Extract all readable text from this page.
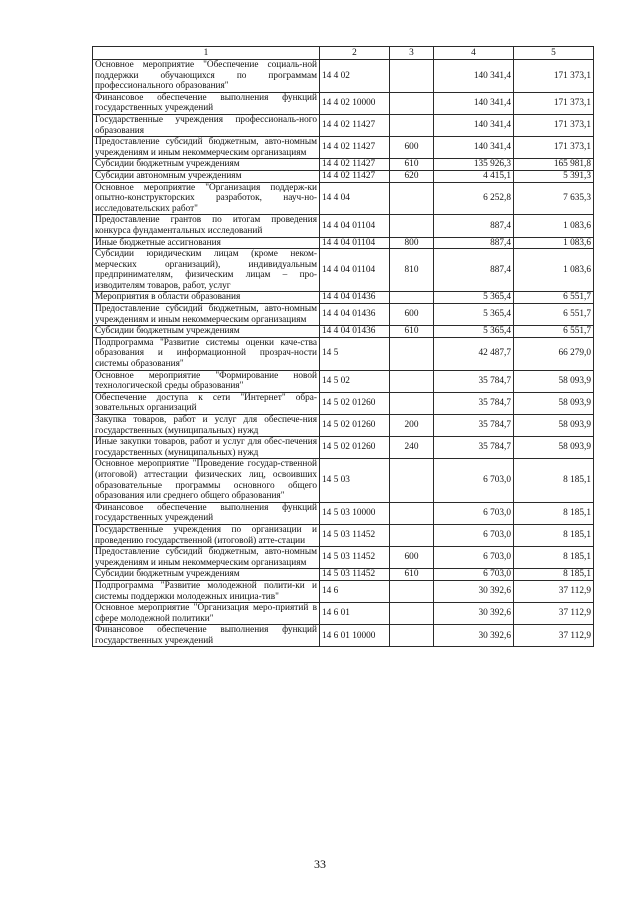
1	2	3	4	5
Основное мероприятие "Обеспечение социаль-ной поддержки обучающихся по программам профессионального образования"	14 4 02		140 341,4	171 373,1
Финансовое обеспечение выполнения функций государственных учреждений	14 4 02 10000		140 341,4	171 373,1
Государственные учреждения профессиональ-ного образования	14 4 02 11427		140 341,4	171 373,1
Предоставление субсидий бюджетным, авто-номным учреждениям и иным некоммерческим организациям	14 4 02 11427	600	140 341,4	171 373,1
Субсидии бюджетным учреждениям	14 4 02 11427	610	135 926,3	165 981,8
Субсидии автономным учреждениям	14 4 02 11427	620	4 415,1	5 391,3
Основное мероприятие "Организация поддерж-ки опытно-конструкторских разработок, науч-но-исследовательских работ"	14 4 04		6 252,8	7 635,3
Предоставление грантов по итогам проведения конкурса фундаментальных исследований	14 4 04 01104		887,4	1 083,6
Иные бюджетные ассигнования	14 4 04 01104	800	887,4	1 083,6
Субсидии юридическим лицам (кроме неком-мерческих организаций), индивидуальным предпринимателям, физическим лицам – про-изводителям товаров, работ, услуг	14 4 04 01104	810	887,4	1 083,6
Мероприятия в области образования	14 4 04 01436		5 365,4	6 551,7
Предоставление субсидий бюджетным, авто-номным учреждениям и иным некоммерческим организациям	14 4 04 01436	600	5 365,4	6 551,7
Субсидии бюджетным учреждениям	14 4 04 01436	610	5 365,4	6 551,7
Подпрограмма "Развитие системы оценки каче-ства образования и информационной прозрач-ности системы образования"	14 5		42 487,7	66 279,0
Основное мероприятие "Формирование новой технологической среды образования"	14 5 02		35 784,7	58 093,9
Обеспечение доступа к сети "Интернет" обра-зовательных организаций	14 5 02 01260		35 784,7	58 093,9
Закупка товаров, работ и услуг для обеспече-ния государственных (муниципальных) нужд	14 5 02 01260	200	35 784,7	58 093,9
Иные закупки товаров, работ и услуг для обес-печения государственных (муниципальных) нужд	14 5 02 01260	240	35 784,7	58 093,9
Основное мероприятие "Проведение государ-ственной (итоговой) аттестации физических лиц, освоивших образовательные программы основного общего образования или среднего общего образования"	14 5 03		6 703,0	8 185,1
Финансовое обеспечение выполнения функций государственных учреждений	14 5 03 10000		6 703,0	8 185,1
Государственные учреждения по организации и проведению государственной (итоговой) атте-стации	14 5 03 11452		6 703,0	8 185,1
Предоставление субсидий бюджетным, авто-номным учреждениям и иным некоммерческим организациям	14 5 03 11452	600	6 703,0	8 185,1
Субсидии бюджетным учреждениям	14 5 03 11452	610	6 703,0	8 185,1
Подпрограмма "Развитие молодежной полити-ки и системы поддержки молодежных инициа-тив"	14 6		30 392,6	37 112,9
Основное мероприятие "Организация меро-приятий в сфере молодежной политики"	14 6 01		30 392,6	37 112,9
Финансовое обеспечение выполнения функций государственных учреждений	14 6 01 10000		30 392,6	37 112,9
33
